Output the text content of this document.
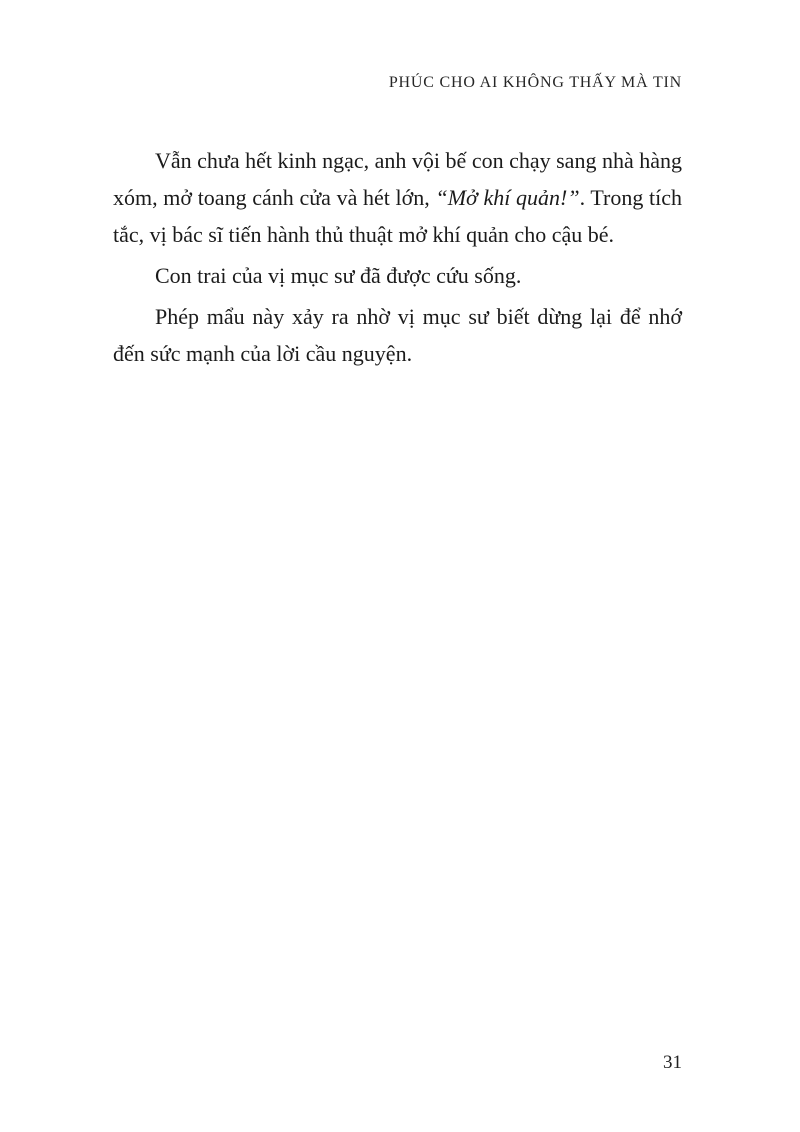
PHÚC CHO AI KHÔNG THẤY MÀ TIN

Vẫn chưa hết kinh ngạc, anh vội bế con chạy sang nhà hàng xóm, mở toang cánh cửa và hét lớn, “Mở khí quản!”. Trong tích tắc, vị bác sĩ tiến hành thủ thuật mở khí quản cho cậu bé.

Con trai của vị mục sư đã được cứu sống.

Phép mẩu này xảy ra nhờ vị mục sư biết dừng lại để nhớ đến sức mạnh của lời cầu nguyện.

31
